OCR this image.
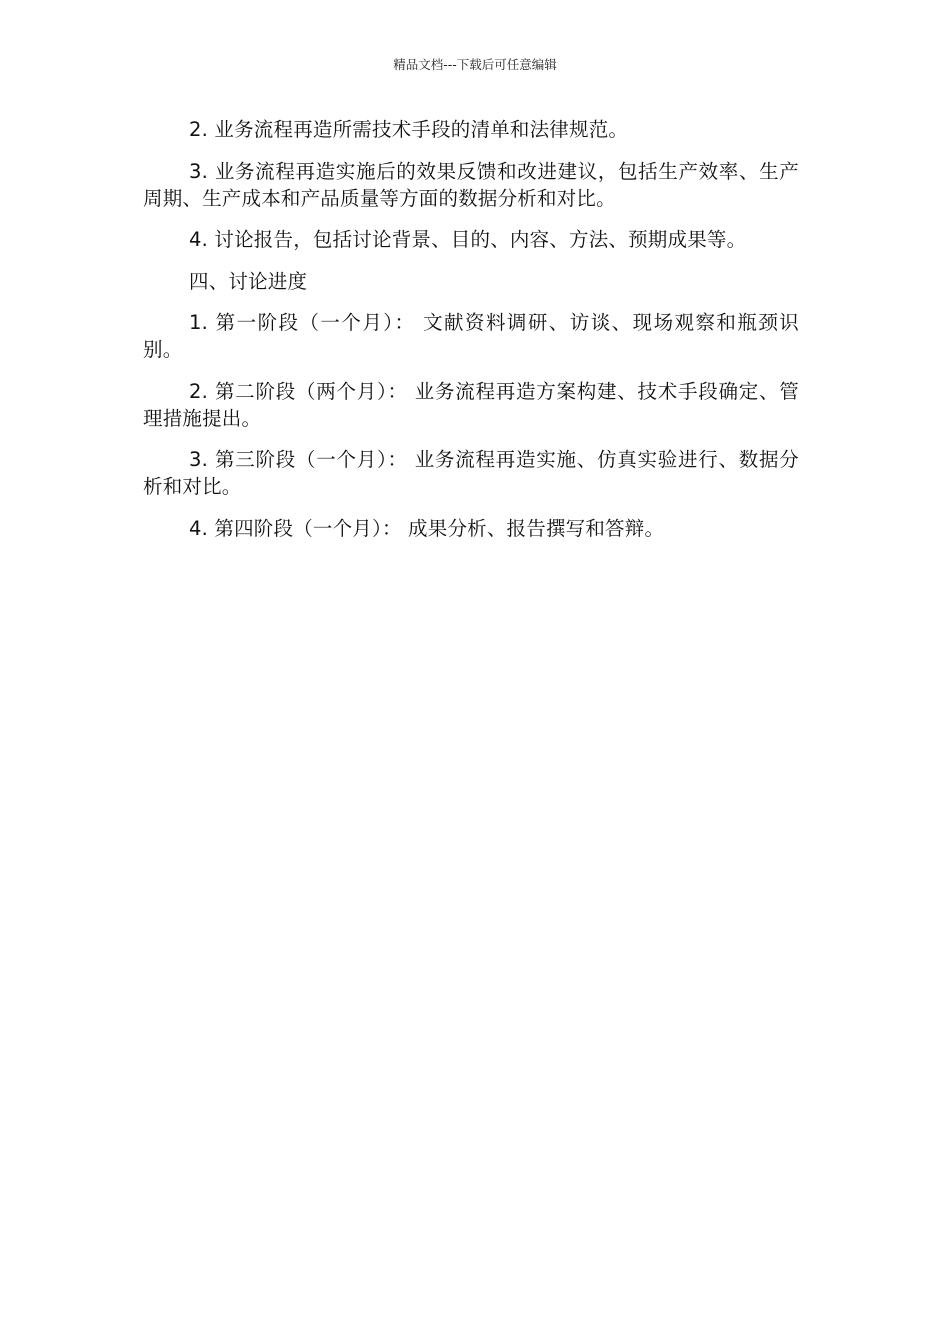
精品文档---下载后可任意编辑

2. 业务流程再造所需技术手段的清单和法律规范。

3. 业务流程再造实施后的效果反馈和改进建议，包括生产效率、生产周期、生产成本和产品质量等方面的数据分析和对比。

4. 讨论报告，包括讨论背景、目的、内容、方法、预期成果等。

四、讨论进度

1. 第一阶段（一个月）： 文献资料调研、访谈、现场观察和瓶颈识别。

2. 第二阶段（两个月）： 业务流程再造方案构建、技术手段确定、管理措施提出。

3. 第三阶段（一个月）： 业务流程再造实施、仿真实验进行、数据分析和对比。

4. 第四阶段（一个月）： 成果分析、报告撰写和答辩。
